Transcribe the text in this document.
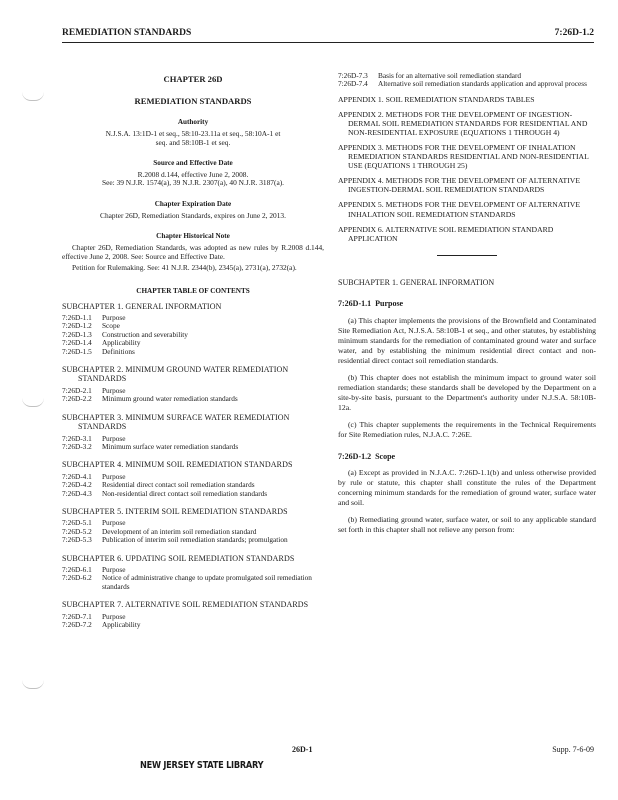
REMEDIATION STANDARDS	7:26D-1.2
CHAPTER 26D
REMEDIATION STANDARDS
Authority
N.J.S.A. 13:1D-1 et seq., 58:10-23.11a et seq., 58:10A-1 et seq. and 58:10B-1 et seq.
Source and Effective Date
R.2008 d.144, effective June 2, 2008.
See: 39 N.J.R. 1574(a), 39 N.J.R. 2307(a), 40 N.J.R. 3187(a).
Chapter Expiration Date
Chapter 26D, Remediation Standards, expires on June 2, 2013.
Chapter Historical Note
Chapter 26D, Remediation Standards, was adopted as new rules by R.2008 d.144, effective June 2, 2008. See: Source and Effective Date.
Petition for Rulemaking. See: 41 N.J.R. 2344(b), 2345(a), 2731(a), 2732(a).
CHAPTER TABLE OF CONTENTS
SUBCHAPTER 1. GENERAL INFORMATION
7:26D-1.1	Purpose
7:26D-1.2	Scope
7:26D-1.3	Construction and severability
7:26D-1.4	Applicability
7:26D-1.5	Definitions
SUBCHAPTER 2. MINIMUM GROUND WATER REMEDIATION STANDARDS
7:26D-2.1	Purpose
7:26D-2.2	Minimum ground water remediation standards
SUBCHAPTER 3. MINIMUM SURFACE WATER REMEDIATION STANDARDS
7:26D-3.1	Purpose
7:26D-3.2	Minimum surface water remediation standards
SUBCHAPTER 4. MINIMUM SOIL REMEDIATION STANDARDS
7:26D-4.1	Purpose
7:26D-4.2	Residential direct contact soil remediation standards
7:26D-4.3	Non-residential direct contact soil remediation standards
SUBCHAPTER 5. INTERIM SOIL REMEDIATION STANDARDS
7:26D-5.1	Purpose
7:26D-5.2	Development of an interim soil remediation standard
7:26D-5.3	Publication of interim soil remediation standards; promulgation
SUBCHAPTER 6. UPDATING SOIL REMEDIATION STANDARDS
7:26D-6.1	Purpose
7:26D-6.2	Notice of administrative change to update promulgated soil remediation standards
SUBCHAPTER 7. ALTERNATIVE SOIL REMEDIATION STANDARDS
7:26D-7.1	Purpose
7:26D-7.2	Applicability
7:26D-7.3	Basis for an alternative soil remediation standard
7:26D-7.4	Alternative soil remediation standards application and approval process
APPENDIX 1. SOIL REMEDIATION STANDARDS TABLES
APPENDIX 2. METHODS FOR THE DEVELOPMENT OF INGESTION-DERMAL SOIL REMEDIATION STANDARDS FOR RESIDENTIAL AND NON-RESIDENTIAL EXPOSURE (EQUATIONS 1 THROUGH 4)
APPENDIX 3. METHODS FOR THE DEVELOPMENT OF INHALATION REMEDIATION STANDARDS RESIDENTIAL AND NON-RESIDENTIAL USE (EQUATIONS 1 THROUGH 25)
APPENDIX 4. METHODS FOR THE DEVELOPMENT OF ALTERNATIVE INGESTION-DERMAL SOIL REMEDIATION STANDARDS
APPENDIX 5. METHODS FOR THE DEVELOPMENT OF ALTERNATIVE INHALATION SOIL REMEDIATION STANDARDS
APPENDIX 6. ALTERNATIVE SOIL REMEDIATION STANDARD APPLICATION
SUBCHAPTER 1. GENERAL INFORMATION
7:26D-1.1 Purpose
(a) This chapter implements the provisions of the Brownfield and Contaminated Site Remediation Act, N.J.S.A. 58:10B-1 et seq., and other statutes, by establishing minimum standards for the remediation of contaminated ground water and surface water, and by establishing the minimum residential direct contact and non-residential direct contact soil remediation standards.
(b) This chapter does not establish the minimum impact to ground water soil remediation standards; these standards shall be developed by the Department on a site-by-site basis, pursuant to the Department's authority under N.J.S.A. 58:10B-12a.
(c) This chapter supplements the requirements in the Technical Requirements for Site Remediation rules, N.J.A.C. 7:26E.
7:26D-1.2 Scope
(a) Except as provided in N.J.A.C. 7:26D-1.1(b) and unless otherwise provided by rule or statute, this chapter shall constitute the rules of the Department concerning minimum standards for the remediation of ground water, surface water and soil.
(b) Remediating ground water, surface water, or soil to any applicable standard set forth in this chapter shall not relieve any person from:
26D-1	Supp. 7-6-09
NEW JERSEY STATE LIBRARY
